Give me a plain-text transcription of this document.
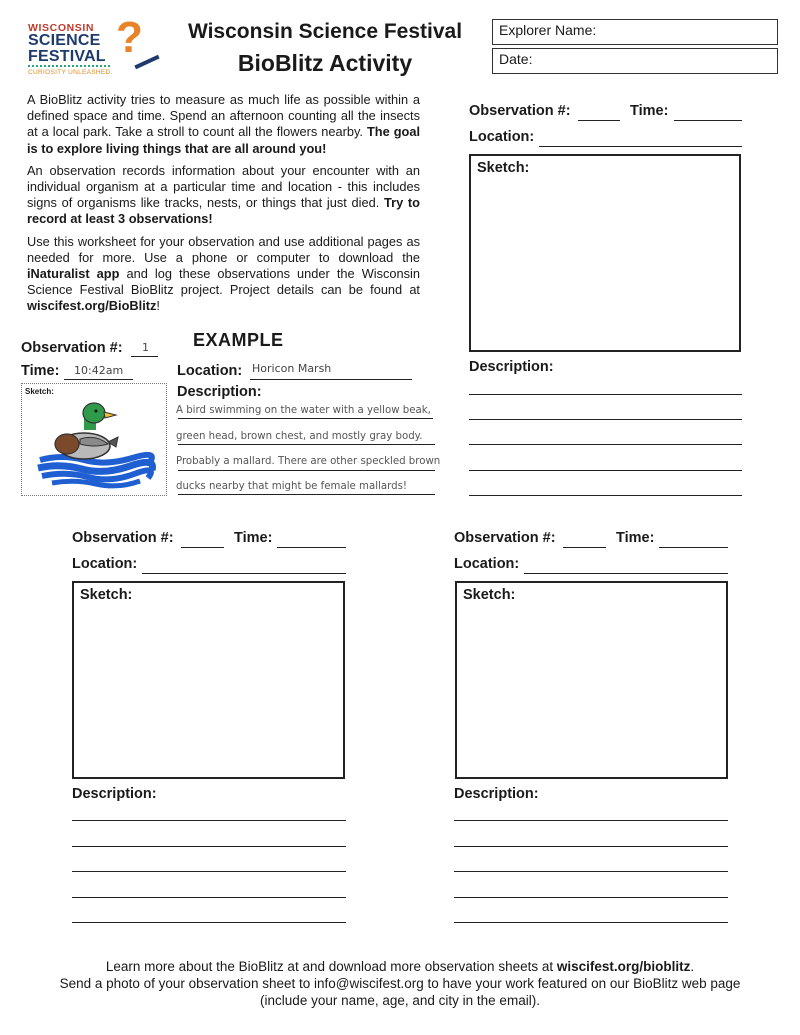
WISCONSIN
SCIENCE
FESTIVAL
CURIOSITY UNLEASHED.
?	Wisconsin Science Festival
BioBlitz Activity
Explorer Name:
Date:

A BioBlitz activity tries to measure as much life as possible within a defined space and time. Spend an afternoon counting all the insects at a local park. Take a stroll to count all the flowers nearby. The goal is to explore living things that are all around you!

An observation records information about your encounter with an individual organism at a particular time and location - this includes signs of organisms like tracks, nests, or things that just died. Try to record at least 3 observations!

Use this worksheet for your observation and use additional pages as needed for more. Use a phone or computer to download the iNaturalist app and log these observations under the Wisconsin Science Festival BioBlitz project. Project details can be found at wiscifest.org/BioBlitz!

EXAMPLE
Observation #: 1
Time: 10:42am	Location: Horicon Marsh
Description:
Sketch:
A bird swimming on the water with a yellow beak,
green head, brown chest, and mostly gray body.
Probably a mallard. There are other speckled brown
ducks nearby that might be female mallards!
Observation #:	Time:
Location:
Sketch:
Description:
Observation #:	Time:
Location:
Sketch:
Description:
Observation #:	Time:
Location:
Sketch:
Description:
Learn more about the BioBlitz at and download more observation sheets at wiscifest.org/bioblitz.
Send a photo of your observation sheet to info@wiscifest.org to have your work featured on our BioBlitz web page
(include your name, age, and city in the email).
